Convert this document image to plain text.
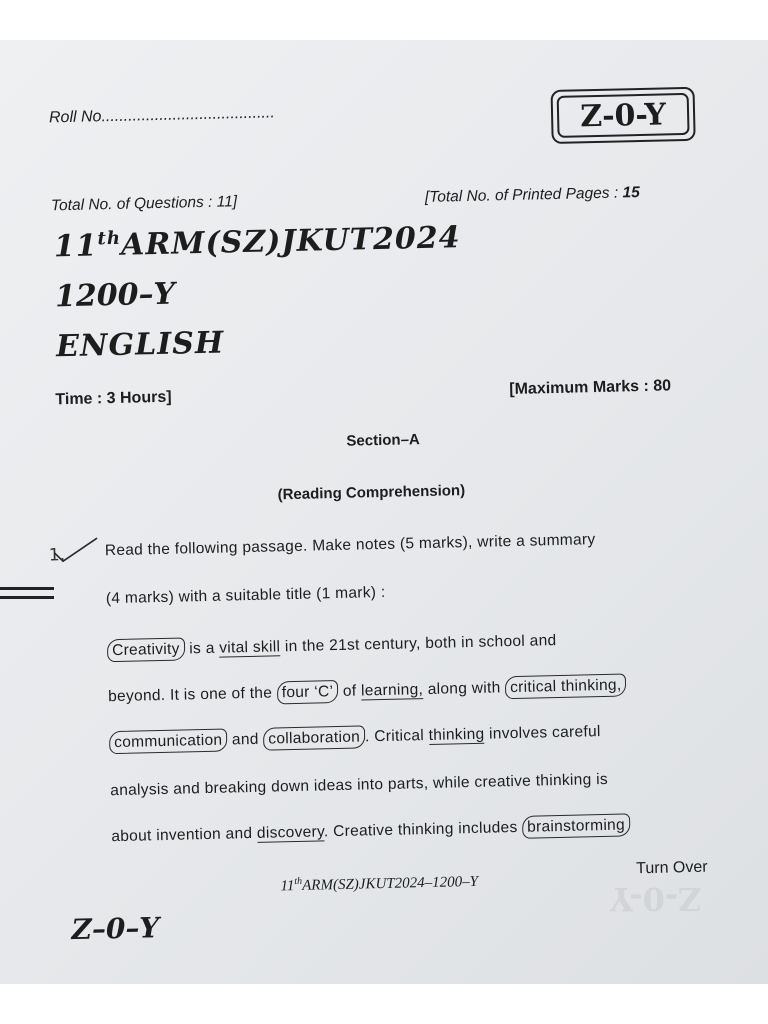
Z-0-Y
Roll No.......................................	Z-0-Y
Total No. of Questions : 11]	[Total No. of Printed Pages : 15
11thARM(SZ)JKUT2024
1200–Y
ENGLISH
Time : 3 Hours]
[Maximum Marks : 80
Section–A
(Reading Comprehension)
1.	Read the following passage. Make notes (5 marks), write a summary
(4 marks) with a suitable title (1 mark) :
Creativity is a vital skill in the 21st century, both in school and
beyond. It is one of the four ‘C’ of learning, along with critical thinking,
communication and collaboration . Critical thinking involves careful
analysis and breaking down ideas into parts, while creative thinking is
about invention and discovery. Creative thinking includes brainstorming
11thARM(SZ)JKUT2024–1200–Y
Turn Over
Z–0–Y
